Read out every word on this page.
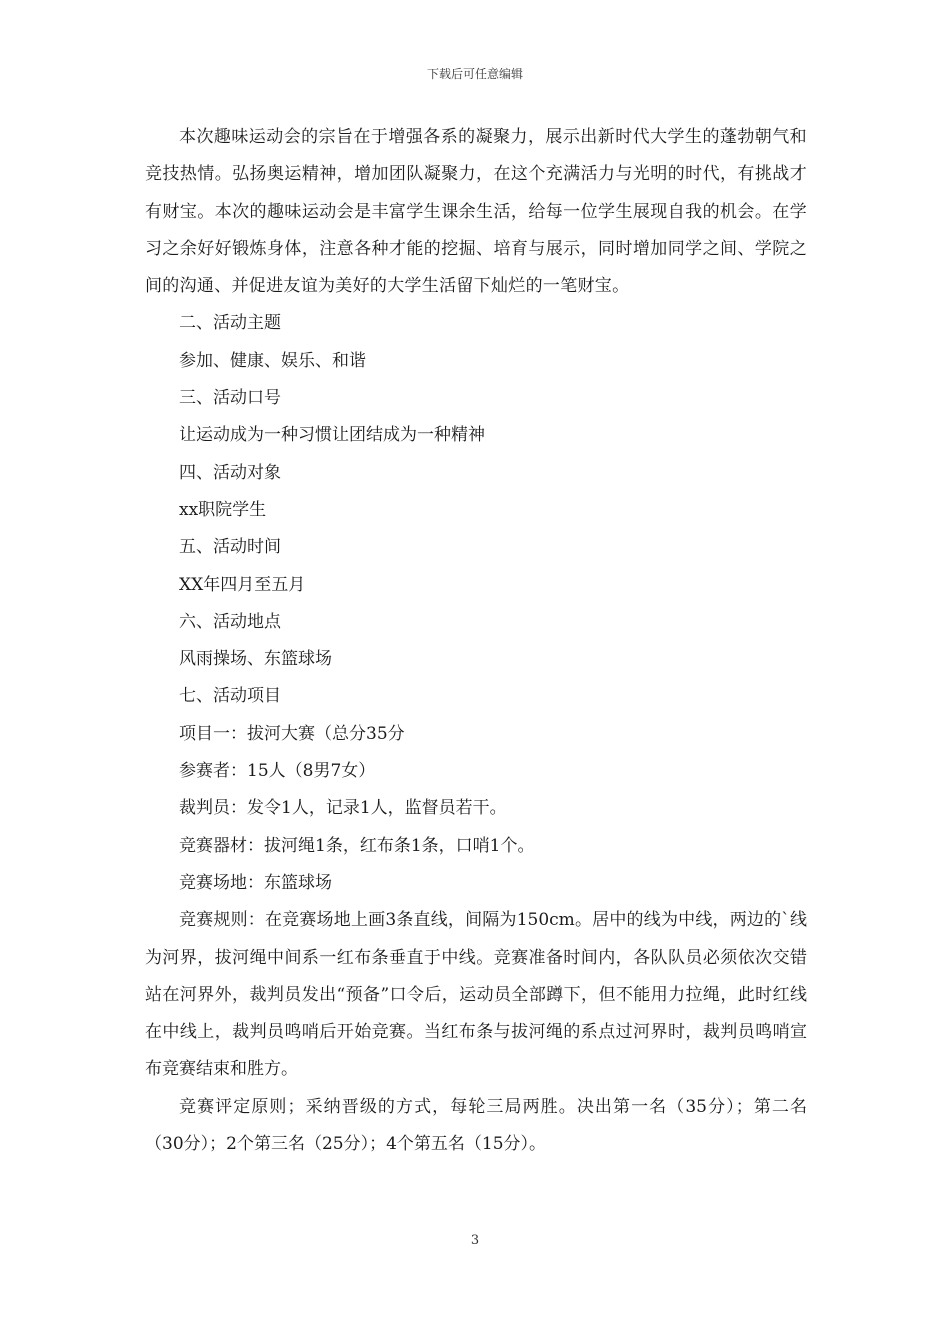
下载后可任意编辑

本次趣味运动会的宗旨在于增强各系的凝聚力，展示出新时代大学生的蓬勃朝气和竞技热情。弘扬奥运精神，增加团队凝聚力，在这个充满活力与光明的时代，有挑战才有财宝。本次的趣味运动会是丰富学生课余生活，给每一位学生展现自我的机会。在学习之余好好锻炼身体，注意各种才能的挖掘、培育与展示，同时增加同学之间、学院之间的沟通、并促进友谊为美好的大学生活留下灿烂的一笔财宝。

二、活动主题

参加、健康、娱乐、和谐

三、活动口号

让运动成为一种习惯让团结成为一种精神

四、活动对象

xx职院学生

五、活动时间

XX年四月至五月

六、活动地点

风雨操场、东篮球场

七、活动项目

项目一：拔河大赛（总分35分

参赛者：15人（8男7女）

裁判员：发令1人，记录1人，监督员若干。

竞赛器材：拔河绳1条，红布条1条，口哨1个。

竞赛场地：东篮球场

竞赛规则：在竞赛场地上画3条直线，间隔为150cm。居中的线为中线，两边的`线为河界，拔河绳中间系一红布条垂直于中线。竞赛准备时间内，各队队员必须依次交错站在河界外，裁判员发出“预备”口令后，运动员全部蹲下，但不能用力拉绳，此时红线在中线上，裁判员鸣哨后开始竞赛。当红布条与拔河绳的系点过河界时，裁判员鸣哨宣布竞赛结束和胜方。

竞赛评定原则；采纳晋级的方式，每轮三局两胜。决出第一名（35分）；第二名（30分）；2个第三名（25分）；4个第五名（15分）。

3
